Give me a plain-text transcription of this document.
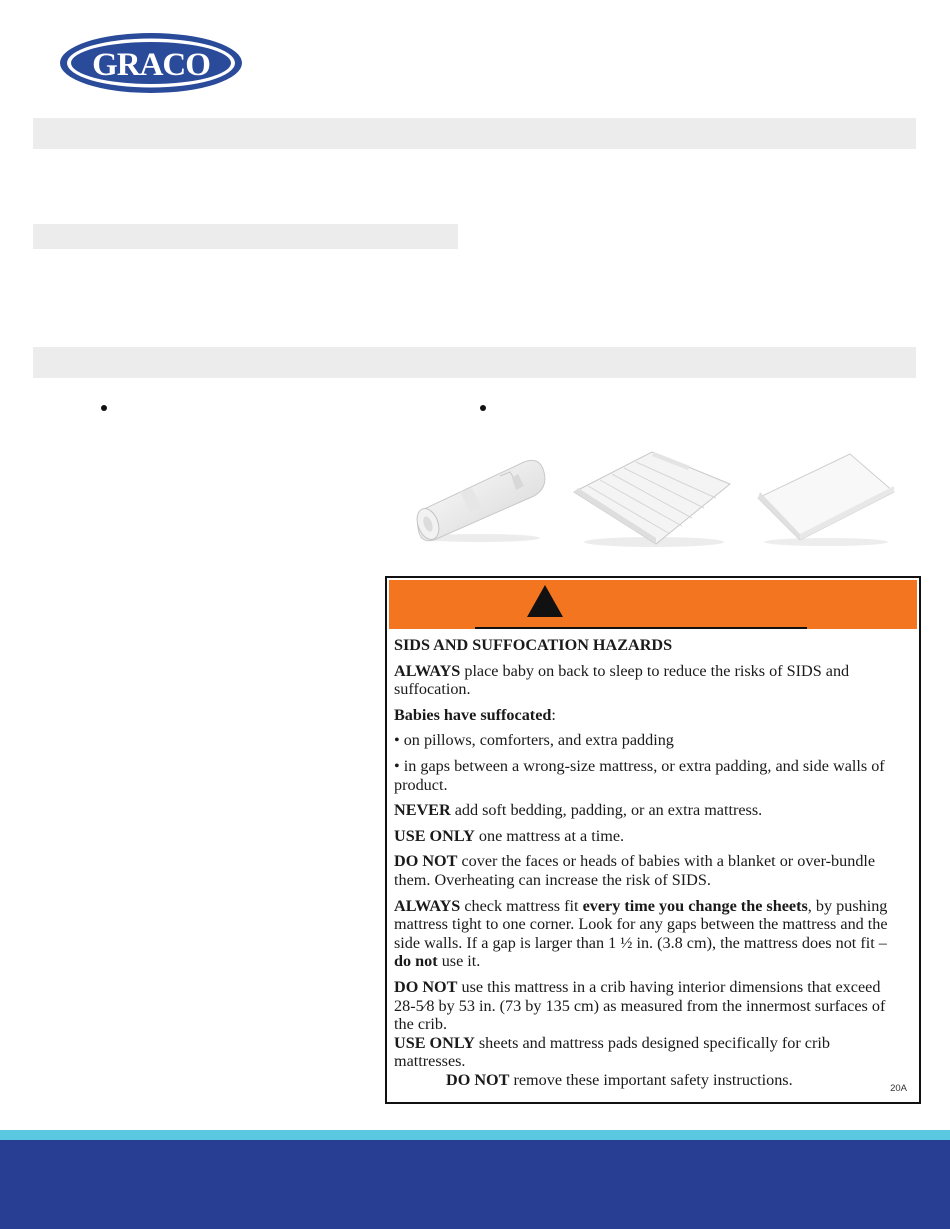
GRACO

SIDS AND SUFFOCATION HAZARDS

ALWAYS place baby on back to sleep to reduce the risks of SIDS and suffocation.

Babies have suffocated:

• on pillows, comforters, and extra padding

• in gaps between a wrong-size mattress, or extra padding, and side walls of product.

NEVER add soft bedding, padding, or an extra mattress.

USE ONLY one mattress at a time.

DO NOT cover the faces or heads of babies with a blanket or over-bundle them. Overheating can increase the risk of SIDS.

ALWAYS check mattress fit every time you change the sheets, by pushing mattress tight to one corner. Look for any gaps between the mattress and the side walls. If a gap is larger than 1 ½ in. (3.8 cm), the mattress does not fit – do not use it.

DO NOT use this mattress in a crib having interior dimensions that exceed 28-5⁄8 by 53 in. (73 by 135 cm) as measured from the innermost surfaces of the crib.

USE ONLY sheets and mattress pads designed specifically for crib mattresses.

DO NOT remove these important safety instructions.	20A
